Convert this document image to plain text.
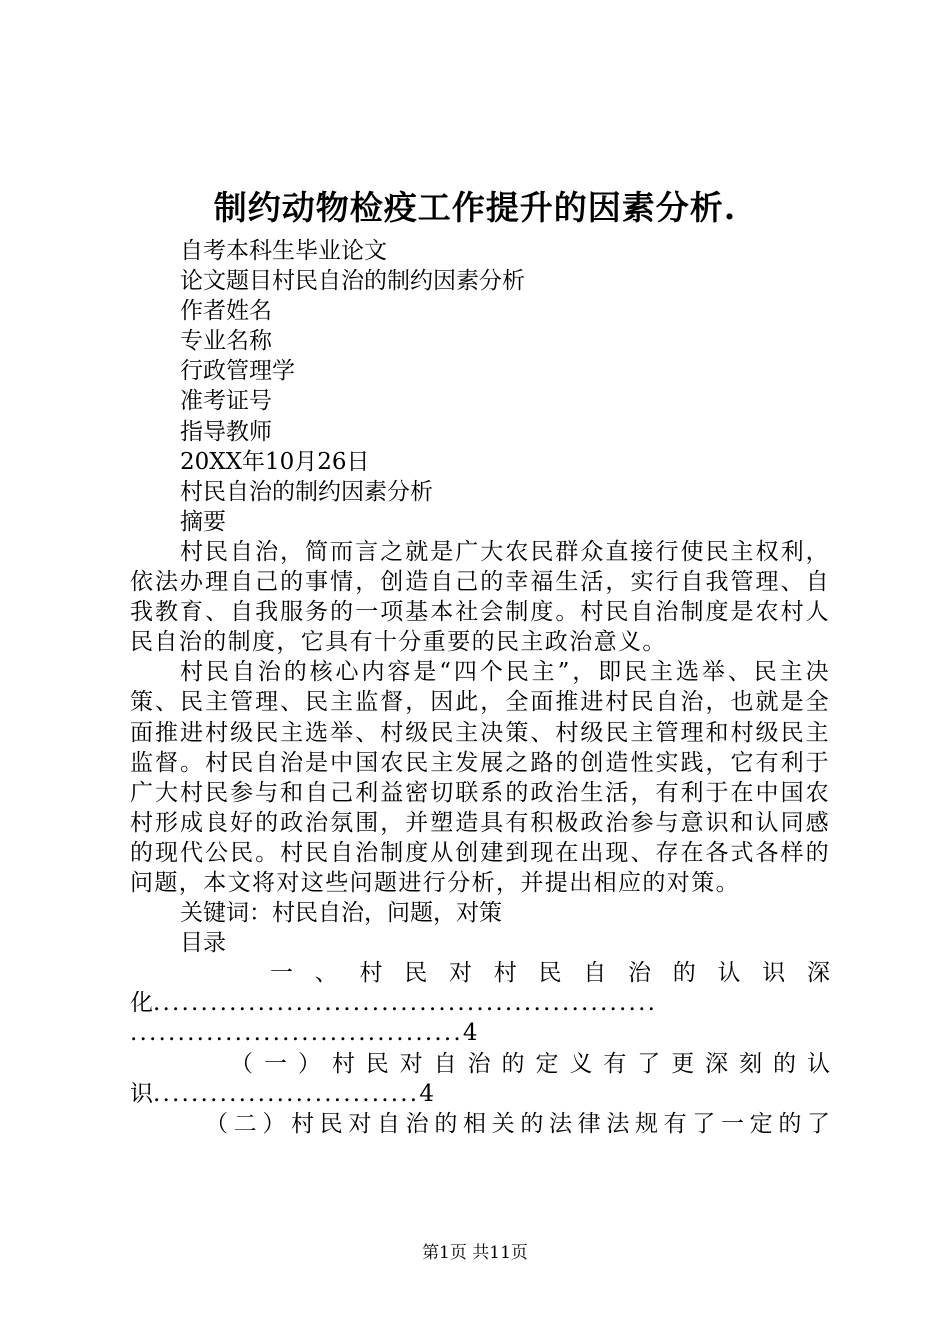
制约动物检疫工作提升的因素分析.
自考本科生毕业论文
论文题目村民自治的制约因素分析
作者姓名
专业名称
行政管理学
准考证号
指导教师
20XX年10月26日
村民自治的制约因素分析
摘要
村民自治，简而言之就是广大农民群众直接行使民主权利，依法办理自己的事情，创造自己的幸福生活，实行自我管理、自我教育、自我服务的一项基本社会制度。村民自治制度是农村人民自治的制度，它具有十分重要的民主政治意义。
村民自治的核心内容是“四个民主”，即民主选举、民主决策、民主管理、民主监督，因此，全面推进村民自治，也就是全面推进村级民主选举、村级民主决策、村级民主管理和村级民主监督。村民自治是中国农民主发展之路的创造性实践，它有利于广大村民参与和自己利益密切联系的政治生活，有利于在中国农村形成良好的政治氛围，并塑造具有积极政治参与意识和认同感的现代公民。村民自治制度从创建到现在出现、存在各式各样的问题，本文将对这些问题进行分析，并提出相应的对策。
关键词：村民自治，问题，对策
目录
一 、 村 民 对 村 民 自 治 的 认 识 深
化.....................................................
...................................4
（ 一 ） 村 民 对 自 治 的 定 义 有 了 更 深 刻 的 认
识............................4
（二）村民对自治的相关的法律法规有了一定的了
第1页 共11页
